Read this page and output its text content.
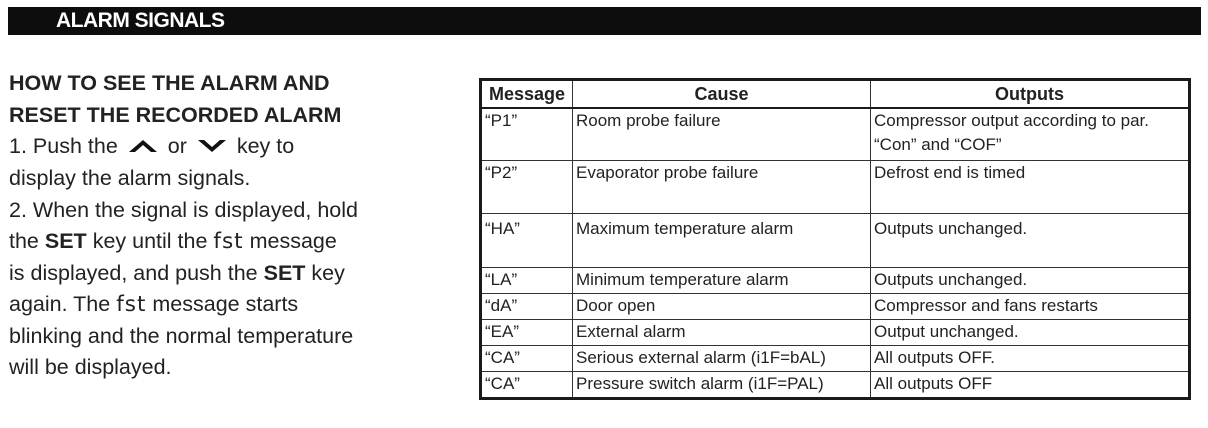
ALARM SIGNALS
HOW TO SEE THE ALARM AND
RESET THE RECORDED ALARM
1. Push the or key to
display the alarm signals.
2. When the signal is displayed, hold
the SET key until the fst message
is displayed, and push the SET key
again. The fst message starts
blinking and the normal temperature
will be displayed.
Message	Cause	Outputs
“P1”	Room probe failure	Compressor output according to par. “Con” and “COF”
“P2”	Evaporator probe failure	Defrost end is timed
“HA”	Maximum temperature alarm	Outputs unchanged.
“LA”	Minimum temperature alarm	Outputs unchanged.
“dA”	Door open	Compressor and fans restarts
“EA”	External alarm	Output unchanged.
“CA”	Serious external alarm (i1F=bAL)	All outputs OFF.
“CA”	Pressure switch alarm (i1F=PAL)	All outputs OFF
